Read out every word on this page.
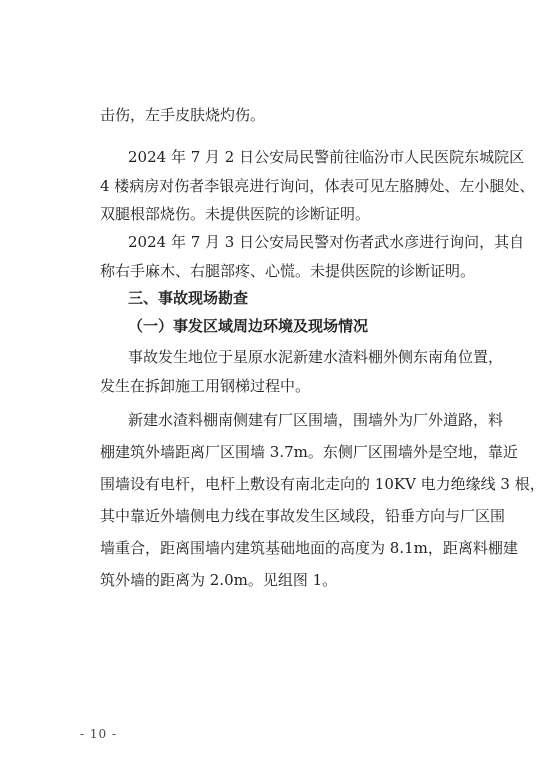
击伤，左手皮肤烧灼伤。
2024 年 7 月 2 日公安局民警前往临汾市人民医院东城院区
4 楼病房对伤者李银亮进行询问，体表可见左胳膊处、左小腿处、
双腿根部烧伤。未提供医院的诊断证明。
2024 年 7 月 3 日公安局民警对伤者武水彦进行询问，其自
称右手麻木、右腿部疼、心慌。未提供医院的诊断证明。
三、事故现场勘查
（一）事发区域周边环境及现场情况
事故发生地位于星原水泥新建水渣料棚外侧东南角位置，
发生在拆卸施工用钢梯过程中。
新建水渣料棚南侧建有厂区围墙，围墙外为厂外道路，料
棚建筑外墙距离厂区围墙 3.7m。东侧厂区围墙外是空地，靠近
围墙设有电杆，电杆上敷设有南北走向的 10KV 电力绝缘线 3 根，
其中靠近外墙侧电力线在事故发生区域段，铅垂方向与厂区围
墙重合，距离围墙内建筑基础地面的高度为 8.1m，距离料棚建
筑外墙的距离为 2.0m。见组图 1。
- 10 -
